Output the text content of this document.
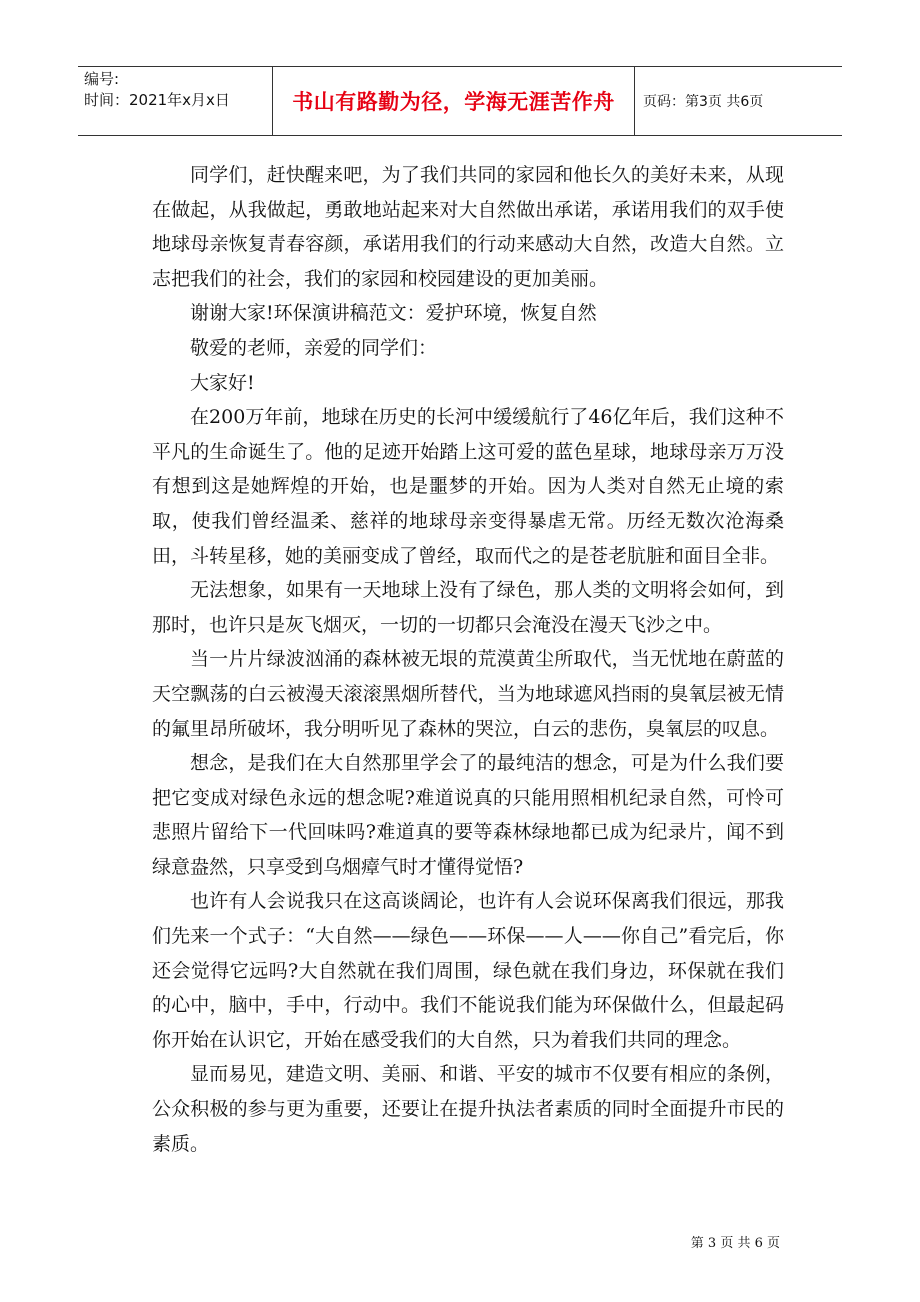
编号:
时间：2021年x月x日	书山有路勤为径，学海无涯苦作舟	页码：第3页 共6页

同学们，赶快醒来吧，为了我们共同的家园和他长久的美好未来，从现在做起，从我做起，勇敢地站起来对大自然做出承诺，承诺用我们的双手使地球母亲恢复青春容颜，承诺用我们的行动来感动大自然，改造大自然。立志把我们的社会，我们的家园和校园建设的更加美丽。

谢谢大家!环保演讲稿范文：爱护环境，恢复自然

敬爱的老师，亲爱的同学们：

大家好!

在200万年前，地球在历史的长河中缓缓航行了46亿年后，我们这种不平凡的生命诞生了。他的足迹开始踏上这可爱的蓝色星球，地球母亲万万没有想到这是她辉煌的开始，也是噩梦的开始。因为人类对自然无止境的索取，使我们曾经温柔、慈祥的地球母亲变得暴虐无常。历经无数次沧海桑田，斗转星移，她的美丽变成了曾经，取而代之的是苍老肮脏和面目全非。

无法想象，如果有一天地球上没有了绿色，那人类的文明将会如何，到那时，也许只是灰飞烟灭，一切的一切都只会淹没在漫天飞沙之中。

当一片片绿波汹涌的森林被无垠的荒漠黄尘所取代，当无忧地在蔚蓝的天空飘荡的白云被漫天滚滚黑烟所替代，当为地球遮风挡雨的臭氧层被无情的氟里昂所破坏，我分明听见了森林的哭泣，白云的悲伤，臭氧层的叹息。

想念，是我们在大自然那里学会了的最纯洁的想念，可是为什么我们要把它变成对绿色永远的想念呢?难道说真的只能用照相机纪录自然，可怜可悲照片留给下一代回味吗?难道真的要等森林绿地都已成为纪录片，闻不到绿意盎然，只享受到乌烟瘴气时才懂得觉悟?

也许有人会说我只在这高谈阔论，也许有人会说环保离我们很远，那我们先来一个式子：“大自然——绿色——环保——人——你自己”看完后，你还会觉得它远吗?大自然就在我们周围，绿色就在我们身边，环保就在我们的心中，脑中，手中，行动中。我们不能说我们能为环保做什么，但最起码你开始在认识它，开始在感受我们的大自然，只为着我们共同的理念。

显而易见，建造文明、美丽、和谐、平安的城市不仅要有相应的条例，公众积极的参与更为重要，还要让在提升执法者素质的同时全面提升市民的素质。

第 3 页 共 6 页
